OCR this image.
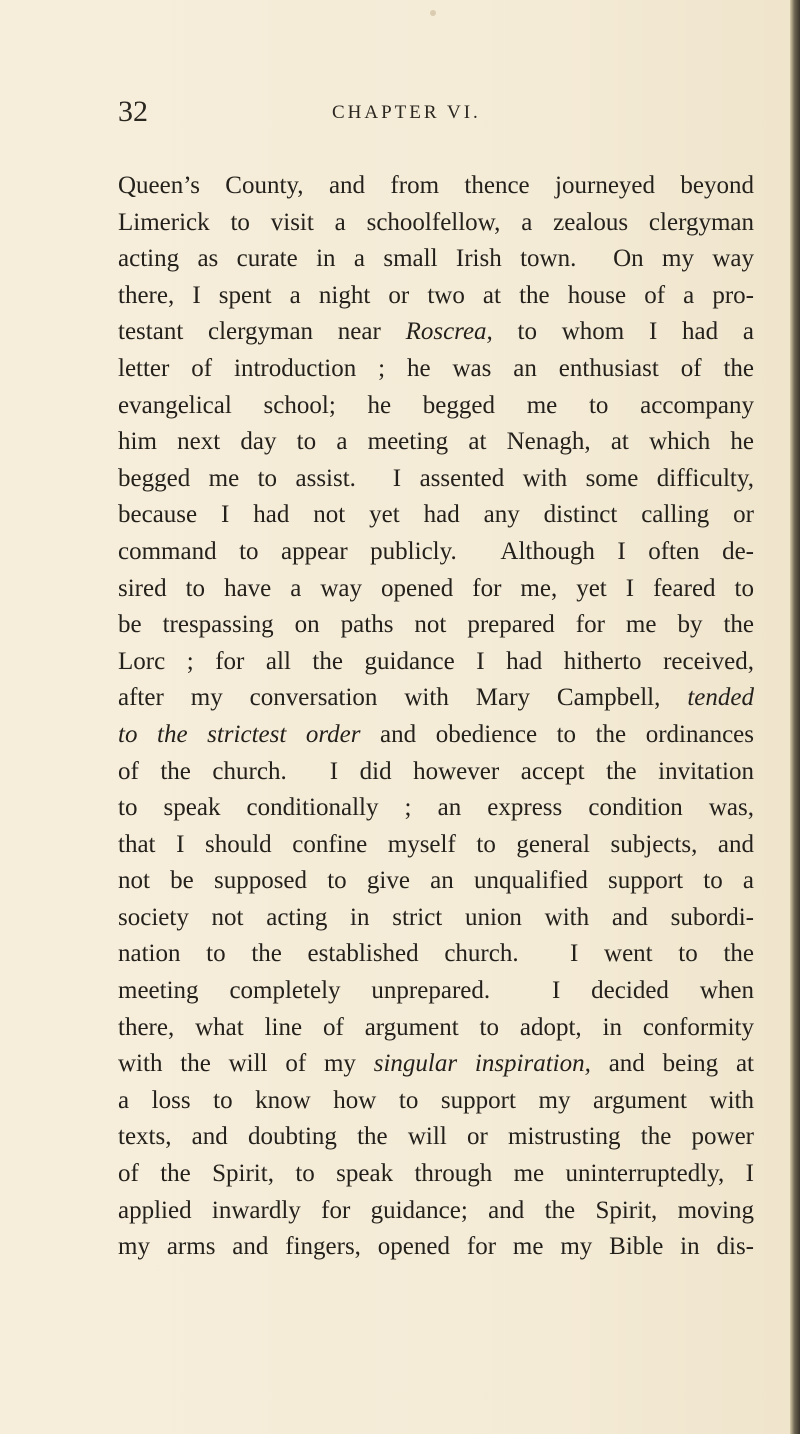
32	CHAPTER VI.
Queen’s County, and from thence journeyed beyond
Limerick to visit a schoolfellow, a zealous clergyman
acting as curate in a small Irish town.  On my way
there, I spent a night or two at the house of a pro-
testant clergyman near Roscrea, to whom I had a
letter of introduction ; he was an enthusiast of the
evangelical school; he begged me to accompany
him next day to a meeting at Nenagh, at which he
begged me to assist.  I assented with some difficulty,
because I had not yet had any distinct calling or
command to appear publicly.  Although I often de-
sired to have a way opened for me, yet I feared to
be trespassing on paths not prepared for me by the
Lorc ; for all the guidance I had hitherto received,
after my conversation with Mary Campbell, tended
to the strictest order and obedience to the ordinances
of the church.  I did however accept the invitation
to speak conditionally ; an express condition was,
that I should confine myself to general subjects, and
not be supposed to give an unqualified support to a
society not acting in strict union with and subordi-
nation to the established church.  I went to the
meeting completely unprepared.  I decided when
there, what line of argument to adopt, in conformity
with the will of my singular inspiration, and being at
a loss to know how to support my argument with
texts, and doubting the will or mistrusting the power
of the Spirit, to speak through me uninterruptedly, I
applied inwardly for guidance; and the Spirit, moving
my arms and fingers, opened for me my Bible in dis-
